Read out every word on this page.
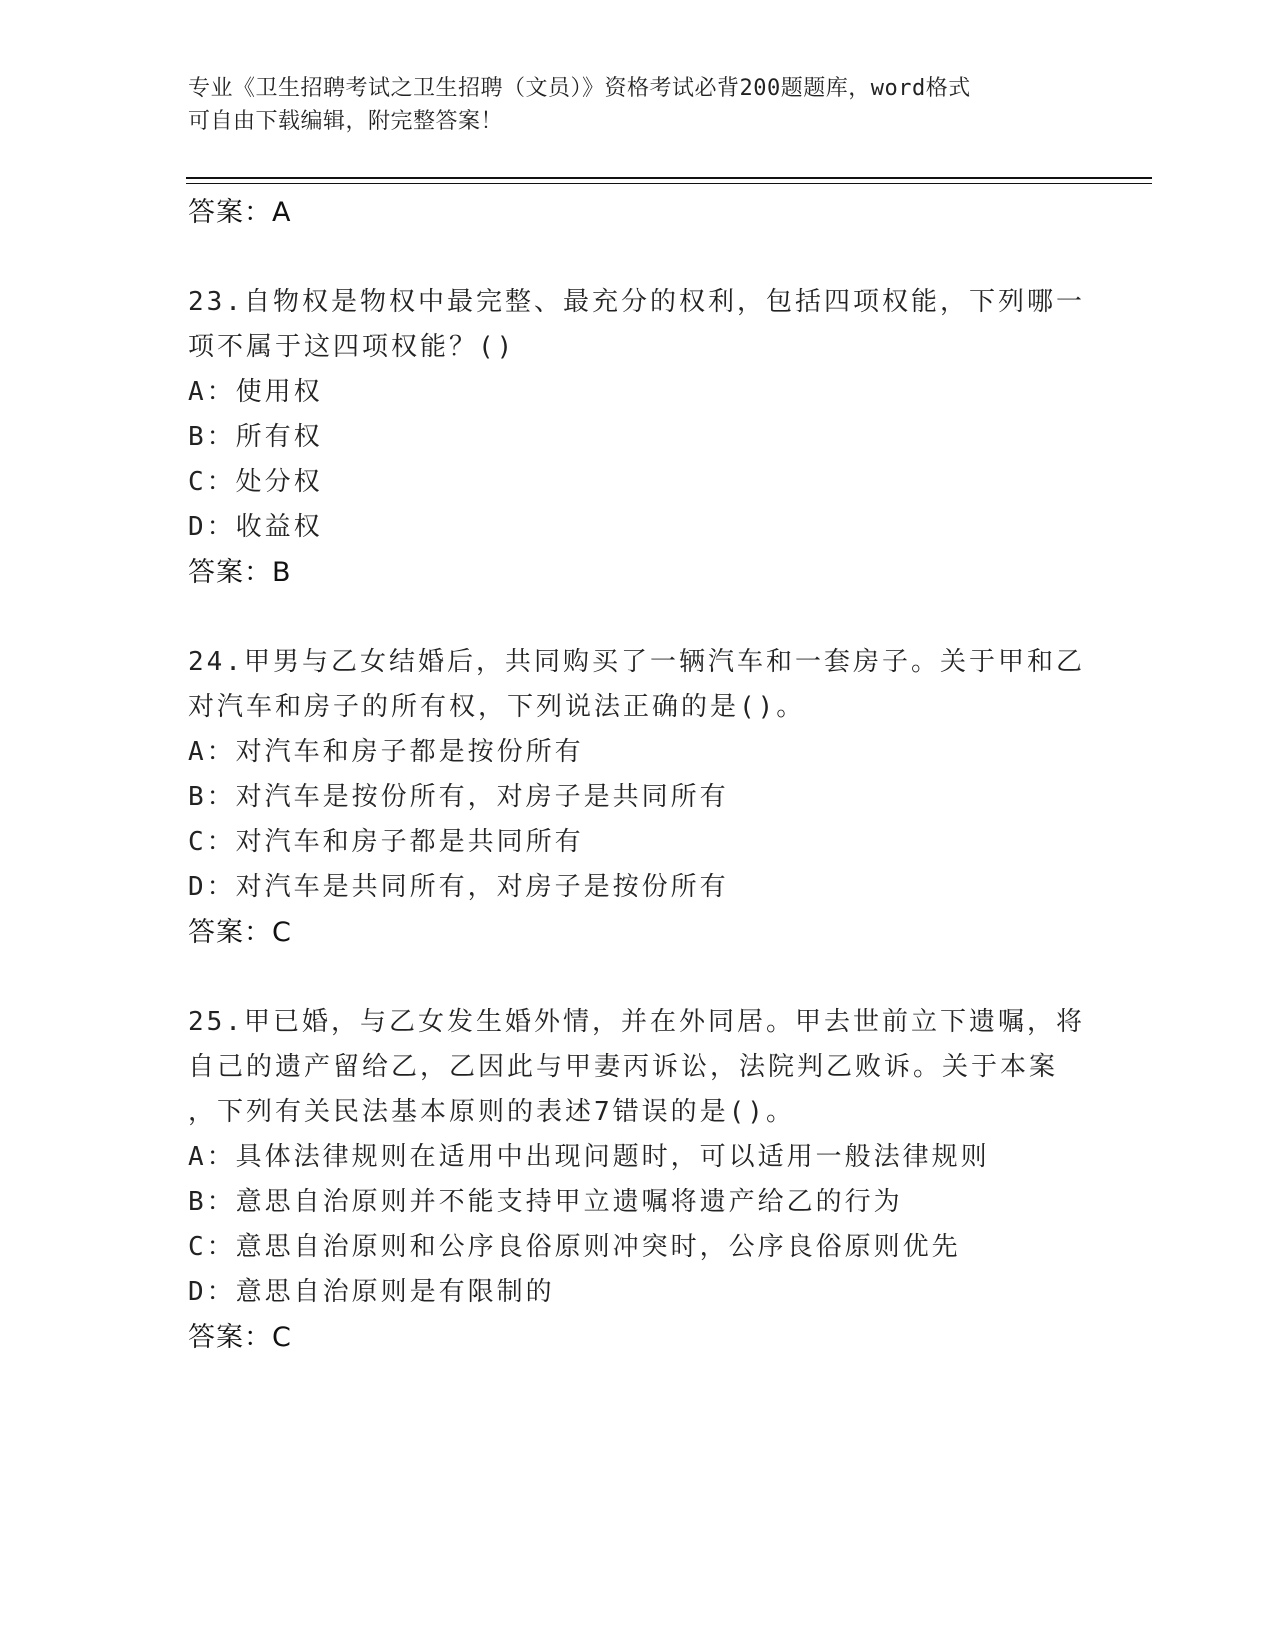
专业《卫生招聘考试之卫生招聘（文员）》资格考试必背200题题库，word格式
可自由下载编辑，附完整答案！
答案：A
23.自物权是物权中最完整、最充分的权利，包括四项权能，下列哪一
项不属于这四项权能？()
A：使用权
B：所有权
C：处分权
D：收益权
答案：B
24.甲男与乙女结婚后，共同购买了一辆汽车和一套房子。关于甲和乙
对汽车和房子的所有权，下列说法正确的是()。
A：对汽车和房子都是按份所有
B：对汽车是按份所有，对房子是共同所有
C：对汽车和房子都是共同所有
D：对汽车是共同所有，对房子是按份所有
答案：C
25.甲已婚，与乙女发生婚外情，并在外同居。甲去世前立下遗嘱，将
自己的遗产留给乙，乙因此与甲妻丙诉讼，法院判乙败诉。关于本案
，下列有关民法基本原则的表述7错误的是()。
A：具体法律规则在适用中出现问题时，可以适用一般法律规则
B：意思自治原则并不能支持甲立遗嘱将遗产给乙的行为
C：意思自治原则和公序良俗原则冲突时，公序良俗原则优先
D：意思自治原则是有限制的
答案：C
